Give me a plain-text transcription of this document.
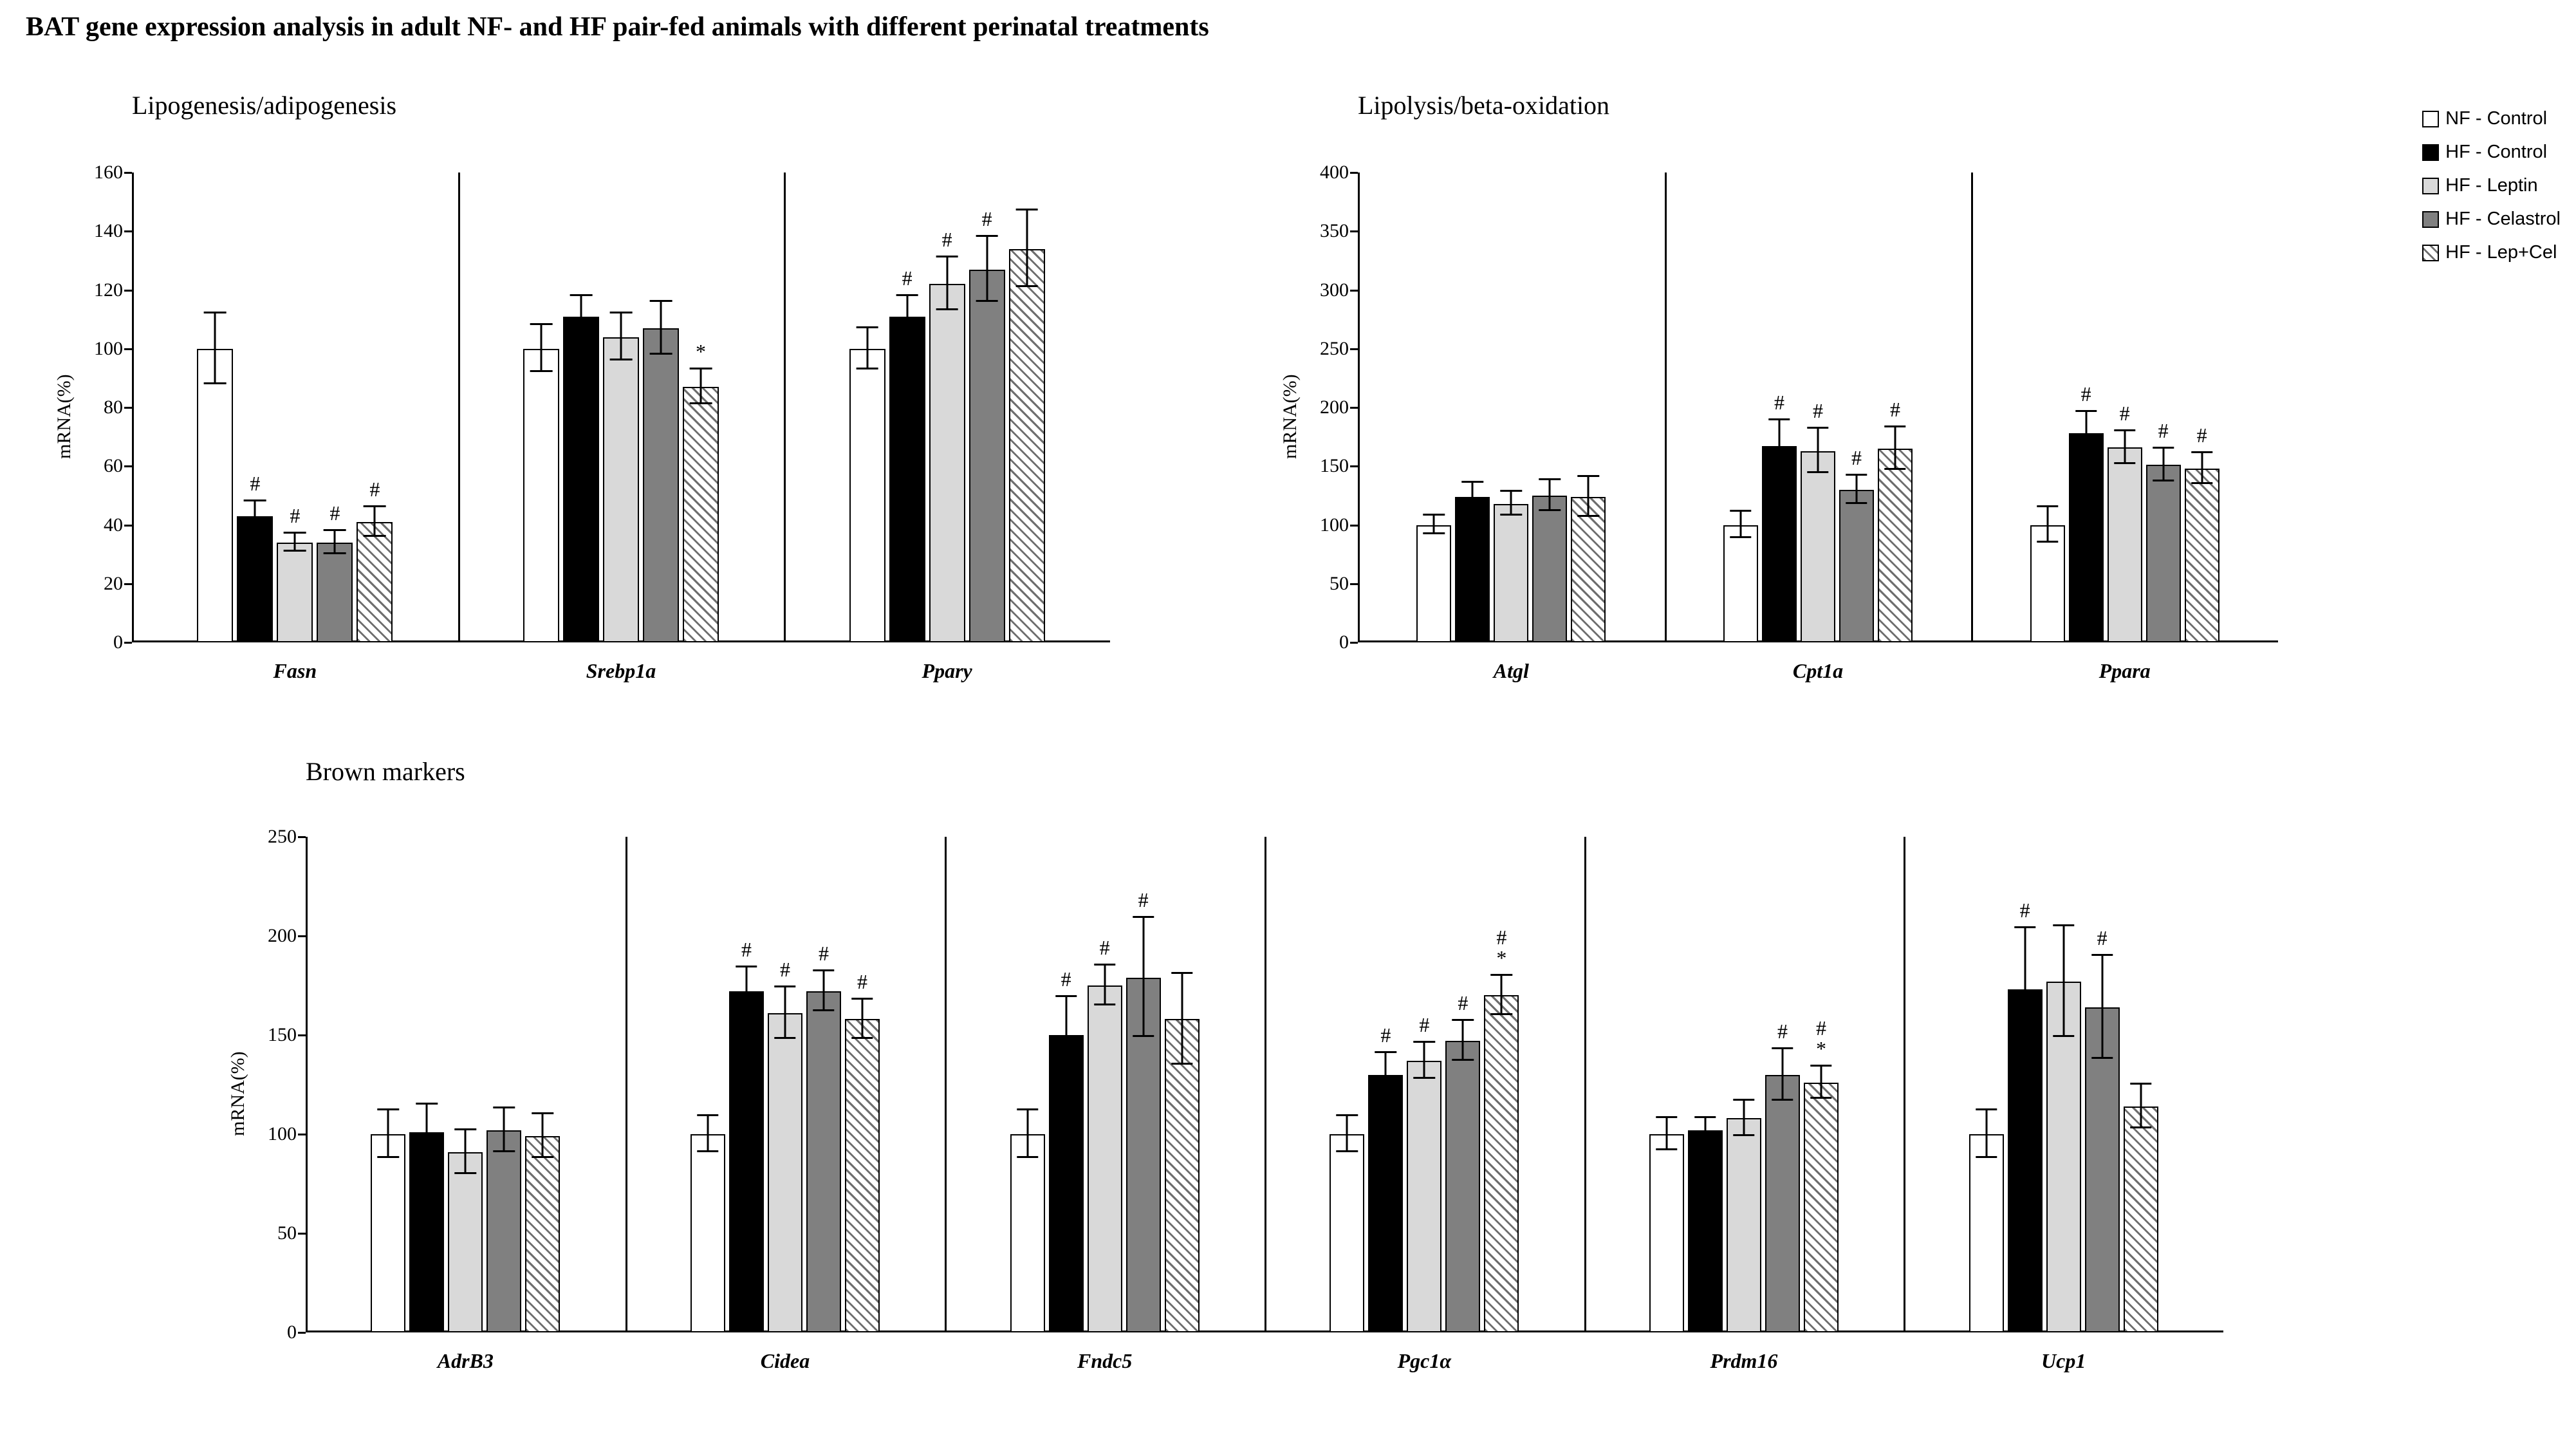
BAT gene expression analysis in adult NF- and HF pair-fed animals with different perinatal treatments
Lipogenesis/adipogenesis
0
20
40
60
80
100
120
140
160
mRNA(%)
#
# #
#
Fasn
*
Srebp1a
#
#
#
Ppary
Lipolysis/beta-oxidation
0
50
100
150
200
250
300
350
400
mRNA(%)
Atgl
# #
#
#
Cpt1a
#
#
# #
Ppara
Brown markers
0
50
100
150
200
250
mRNA(%)
AdrB3
#
#
#
#
Cidea
#
#
#
Fndc5
# #
#
#
*
Pgc1α
# #
*
Prdm16
#
#
Ucp1
NF - Control
HF - Control
HF - Leptin
HF - Celastrol
HF - Lep+Cel
